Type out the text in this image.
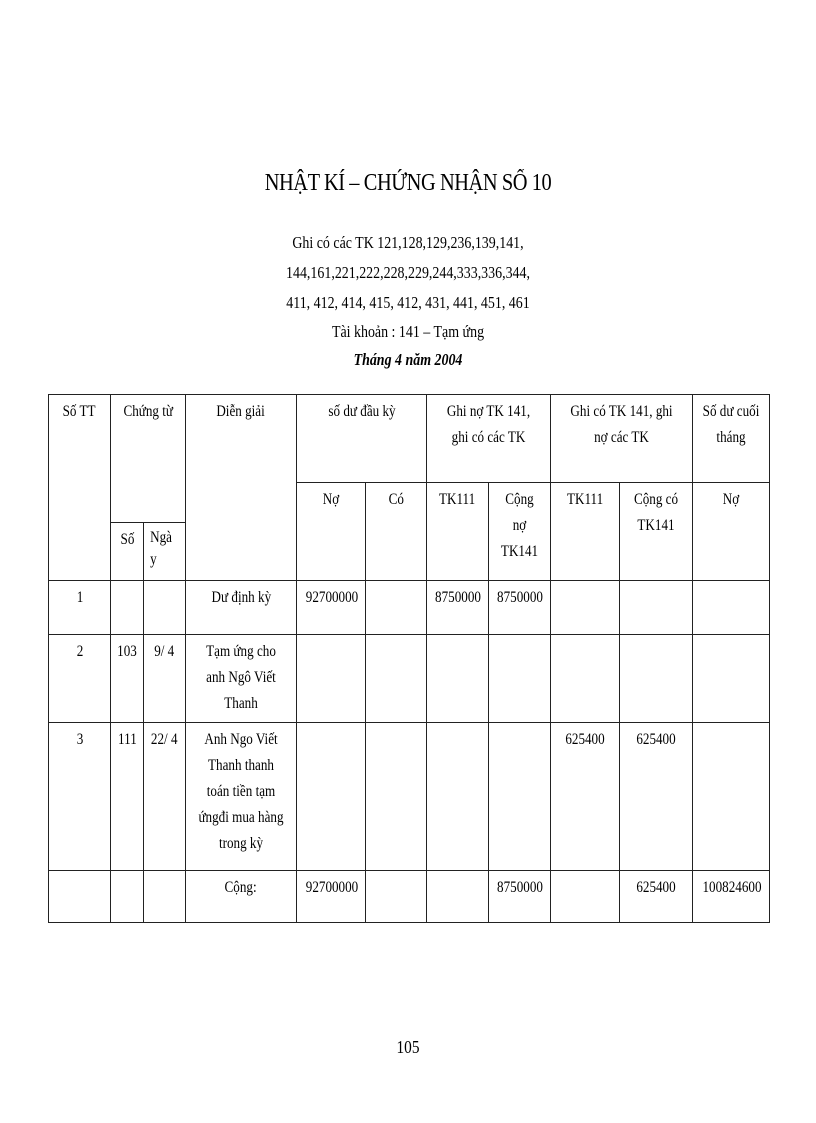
NHẬT KÍ – CHỨNG NHẬN SỐ 10
Ghi có các TK 121,128,129,236,139,141,
144,161,221,222,228,229,244,333,336,344,
411, 412, 414, 415, 412, 431, 441, 451, 461
Tài khoản : 141 – Tạm ứng
Tháng 4 năm 2004
Số TT	Chứng từ		Diễn giải	số dư đầu kỳ		Ghi nợ TK 141, ghi có các TK		Ghi có TK 141, ghi nợ các TK		Số dư cuối tháng
				Nợ	Có	TK111	Cộng nợ TK141	TK111	Cộng có TK141	Nợ
	Số	Ngà y								
1			Dư định kỳ	92700000		8750000	8750000			
2	103	9/ 4	Tạm ứng cho anh Ngô Viết Thanh							
3	111	22/ 4	Anh Ngo Viết Thanh thanh toán tiền tạm ứngđi mua hàng trong kỳ					625400	625400	
			Cộng:	92700000			8750000		625400	100824600
105
